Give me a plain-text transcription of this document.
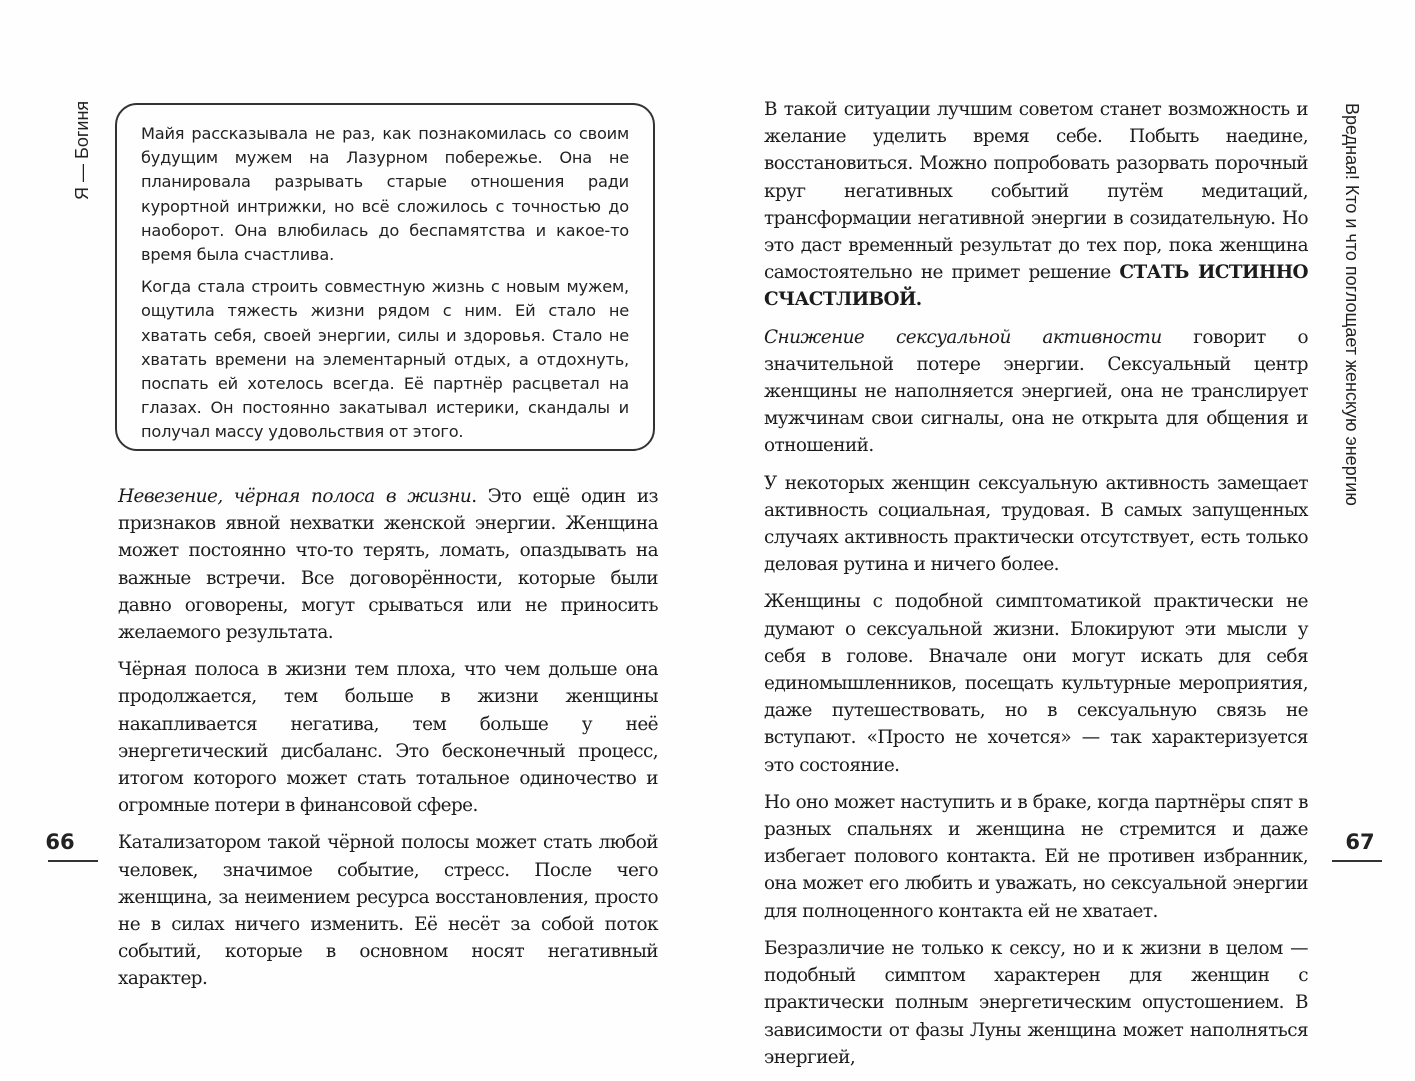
Я — Богиня	Вредная! Кто и что поглощает женскую энергию

Майя рассказывала не раз, как познакомилась со своим будущим мужем на Лазурном побережье. Она не планировала разрывать старые отношения ради курортной интрижки, но всё сложилось с точностью до наоборот. Она влюбилась до беспамятства и какое-то время была счастлива.

Когда стала строить совместную жизнь с новым мужем, ощутила тяжесть жизни рядом с ним. Ей стало не хватать себя, своей энергии, силы и здоровья. Стало не хватать времени на элементарный отдых, а отдохнуть, поспать ей хотелось всегда. Её партнёр расцветал на глазах. Он постоянно закатывал истерики, скандалы и получал массу удовольствия от этого.

Невезение, чёрная полоса в жизни. Это ещё один из признаков явной нехватки женской энергии. Женщина может постоянно что-то терять, ломать, опаздывать на важные встречи. Все договорённости, которые были давно оговорены, могут срываться или не приносить желаемого результата.

Чёрная полоса в жизни тем плоха, что чем дольше она продолжается, тем больше в жизни женщины накапливается негатива, тем больше у неё энергетический дисбаланс. Это бесконечный процесс, итогом которого может стать тотальное одиночество и огромные потери в финансовой сфере.

Катализатором такой чёрной полосы может стать любой человек, значимое событие, стресс. После чего женщина, за неимением ресурса восстановления, просто не в силах ничего изменить. Её несёт за собой поток событий, которые в основном носят негативный характер.

В такой ситуации лучшим советом станет возможность и желание уделить время себе. Побыть наедине, восстановиться. Можно попробовать разорвать порочный круг негативных событий путём медитаций, трансформации негативной энергии в созидательную. Но это даст временный результат до тех пор, пока женщина самостоятельно не примет решение СТАТЬ ИСТИННО СЧАСТЛИВОЙ.

Снижение сексуальной активности говорит о значительной потере энергии. Сексуальный центр женщины не наполняется энергией, она не транслирует мужчинам свои сигналы, она не открыта для общения и отношений.

У некоторых женщин сексуальную активность замещает активность социальная, трудовая. В самых запущенных случаях активность практически отсутствует, есть только деловая рутина и ничего более.

Женщины с подобной симптоматикой практически не думают о сексуальной жизни. Блокируют эти мысли у себя в голове. Вначале они могут искать для себя единомышленников, посещать культурные мероприятия, даже путешествовать, но в сексуальную связь не вступают. «Просто не хочется» — так характеризуется это состояние.

Но оно может наступить и в браке, когда партнёры спят в разных спальнях и женщина не стремится и даже избегает полового контакта. Ей не противен избранник, она может его любить и уважать, но сексуальной энергии для полноценного контакта ей не хватает.

Безразличие не только к сексу, но и к жизни в целом — подобный симптом характерен для женщин с практически полным энергетическим опустошением. В зависимости от фазы Луны женщина может наполняться энергией,

66	67
